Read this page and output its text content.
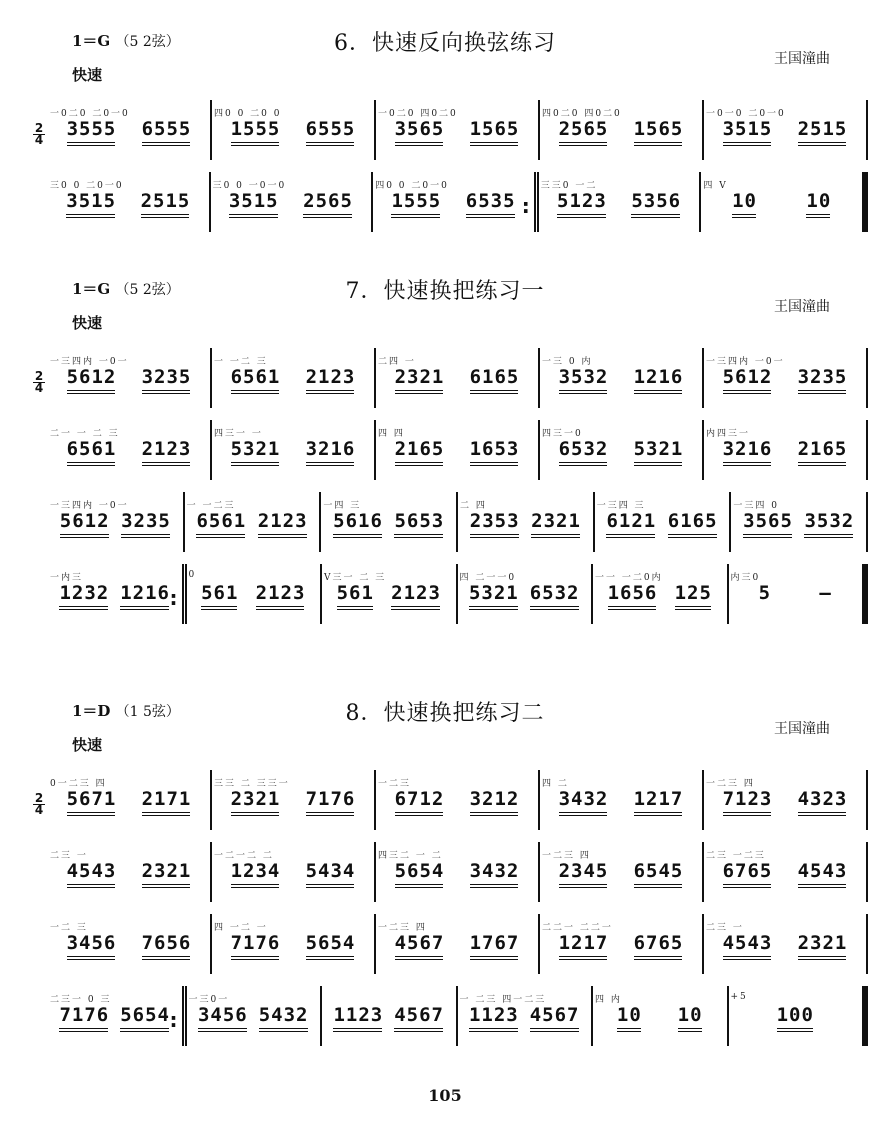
1＝G （5 2弦）	6．快速反向换弦练习
快速
王国潼曲
2
4
一0二0 二0一0
3555 6555
四0 0 二0 0
1555 6555
一0二0 四0二0
3565 1565
四0二0 四0二0
2565 1565
一0一0 二0一0
3515 2515
三0 0 二0一0
3515 2515
三0 0 一0一0
3515 2565
四0 0 二0一0
1555 6535
:
三三0 一二
5123 5356
四 V
10	10
1＝G （5 2弦）	7．快速换把练习一
快速
王国潼曲
2
4
一三四内 一0一
5612 3235
一 一二 三
6561 2123
二四 一
2321 6165
一三 0 内
3532 1216
一三四内 一0一
5612 3235
二一 一 二 三
6561 2123
四三一 一
5321 3216
四 四
2165 1653
四三一0
6532 5321
内四三一
3216 2165
一三四内 一0一
5612 3235
一 一二三
6561 2123
一四 三
5616 5653
二 四
2353 2321
一三四 三
6121 6165
一三四 0
3565 3532
一内三
1232 1216
:
0
561 2123
V三一 二 三
561 2123
四 二一一0
5321 6532
一一 一二0内
1656 125
内三0
5	–
1＝D （1 5弦）	8．快速换把练习二
快速
王国潼曲
2
4
0一二三 四
5671 2171
三三 二 三三一
2321 7176
一二三
6712 3212
四 二
3432 1217
一二三 四
7123 4323
二三 一
4543 2321
一二一二 二
1234 5434
四三二 一 二
5654 3432
一二三 四
2345 6545
二三 一二三
6765 4543
一二 三
3456 7656
四 一二 一
7176 5654
一二三 四
4567 1767
二二一 二二一
1217 6765
二三 一
4543 2321
二三一 0 三
7176 5654
:
一三0一
3456 5432 1123 4567
一 二三 四一二三
1123 4567
四 内
10 10
+5
100
105
